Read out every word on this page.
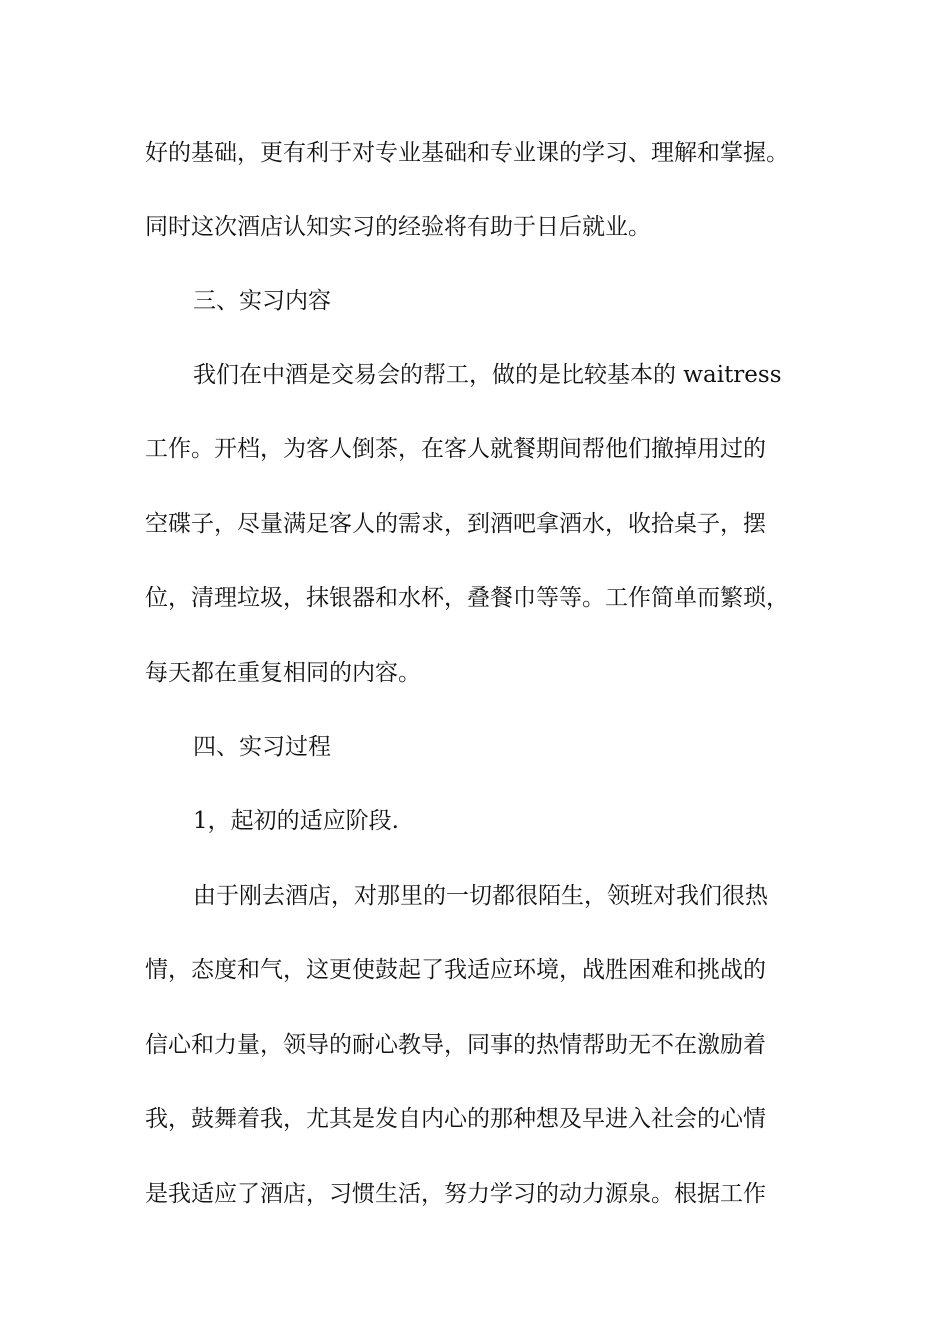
好的基础，更有利于对专业基础和专业课的学习、理解和掌握。
同时这次酒店认知实习的经验将有助于日后就业。
三、实习内容
我们在中酒是交易会的帮工，做的是比较基本的 waitress
工作。开档，为客人倒茶，在客人就餐期间帮他们撤掉用过的
空碟子，尽量满足客人的需求，到酒吧拿酒水，收拾桌子，摆
位，清理垃圾，抹银器和水杯，叠餐巾等等。工作简单而繁琐，
每天都在重复相同的内容。
四、实习过程
1，起初的适应阶段.
由于刚去酒店，对那里的一切都很陌生，领班对我们很热
情，态度和气，这更使鼓起了我适应环境，战胜困难和挑战的
信心和力量，领导的耐心教导，同事的热情帮助无不在激励着
我，鼓舞着我，尤其是发自内心的那种想及早进入社会的心情
是我适应了酒店，习惯生活，努力学习的动力源泉。根据工作
